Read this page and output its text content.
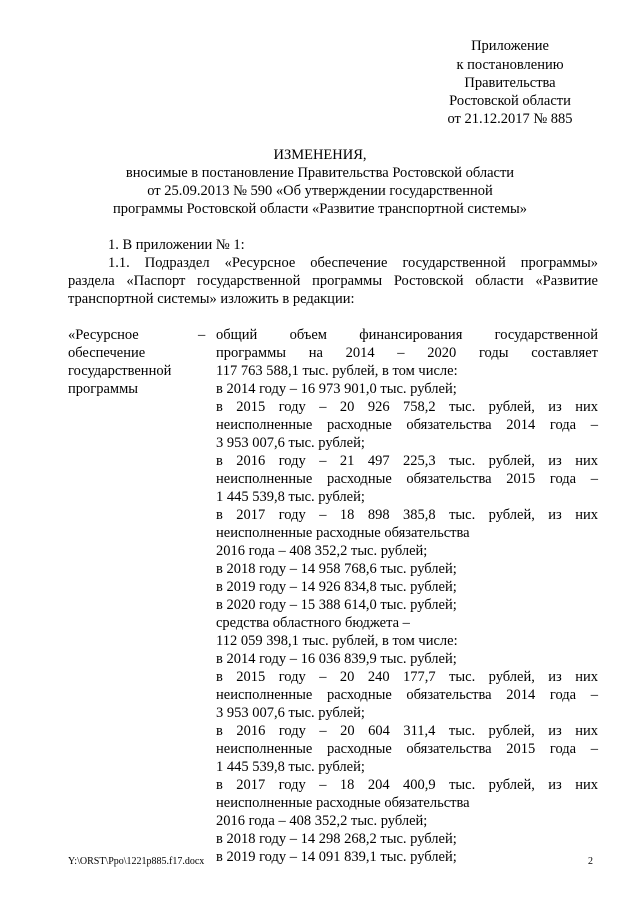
Приложение
к постановлению
Правительства
Ростовской области
от 21.12.2017 № 885
ИЗМЕНЕНИЯ,
вносимые в постановление Правительства Ростовской области
от 25.09.2013 № 590 «Об утверждении государственной
программы Ростовской области «Развитие транспортной системы»
1. В приложении № 1:
1.1. Подраздел «Ресурсное обеспечение государственной программы»
раздела «Паспорт государственной программы Ростовской области «Развитие
транспортной системы» изложить в редакции:
«Ресурсное
обеспечение
государственной
программы
– общий объем финансирования государственной
программы на 2014 – 2020 годы составляет
117 763 588,1 тыс. рублей, в том числе:
в 2014 году – 16 973 901,0 тыс. рублей;
в 2015 году – 20 926 758,2 тыс. рублей, из них
неисполненные расходные обязательства 2014 года –
3 953 007,6 тыс. рублей;
в 2016 году – 21 497 225,3 тыс. рублей, из них
неисполненные расходные обязательства 2015 года –
1 445 539,8 тыс. рублей;
в 2017 году – 18 898 385,8 тыс. рублей, из них
неисполненные расходные обязательства
2016 года – 408 352,2 тыс. рублей;
в 2018 году – 14 958 768,6 тыс. рублей;
в 2019 году – 14 926 834,8 тыс. рублей;
в 2020 году – 15 388 614,0 тыс. рублей;
средства областного бюджета –
112 059 398,1 тыс. рублей, в том числе:
в 2014 году – 16 036 839,9 тыс. рублей;
в 2015 году – 20 240 177,7 тыс. рублей, из них
неисполненные расходные обязательства 2014 года –
3 953 007,6 тыс. рублей;
в 2016 году – 20 604 311,4 тыс. рублей, из них
неисполненные расходные обязательства 2015 года –
1 445 539,8 тыс. рублей;
в 2017 году – 18 204 400,9 тыс. рублей, из них
неисполненные расходные обязательства
2016 года – 408 352,2 тыс. рублей;
в 2018 году – 14 298 268,2 тыс. рублей;
в 2019 году – 14 091 839,1 тыс. рублей;
Y:\ORST\Ppo\1221p885.f17.docx	2
